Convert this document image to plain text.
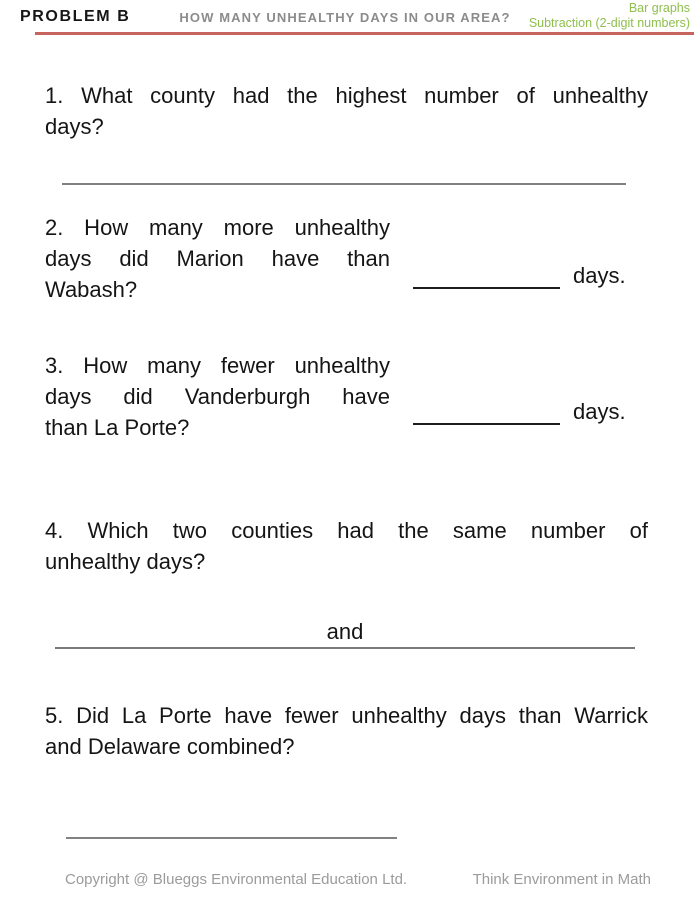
PROBLEM B	HOW MANY UNHEALTHY DAYS IN OUR AREA?
Bar graphs
Subtraction (2-digit numbers)
1. What county had the highest number of unhealthy
days?
2. How many more unhealthy
days did Marion have than
Wabash?
days.
3. How many fewer unhealthy
days did Vanderburgh have
than La Porte?
days.
4. Which two counties had the same number of
unhealthy days?
and
5. Did La Porte have fewer unhealthy days than Warrick
and Delaware combined?
Copyright @ Blueggs Environmental Education Ltd.	Think Environment in Math
